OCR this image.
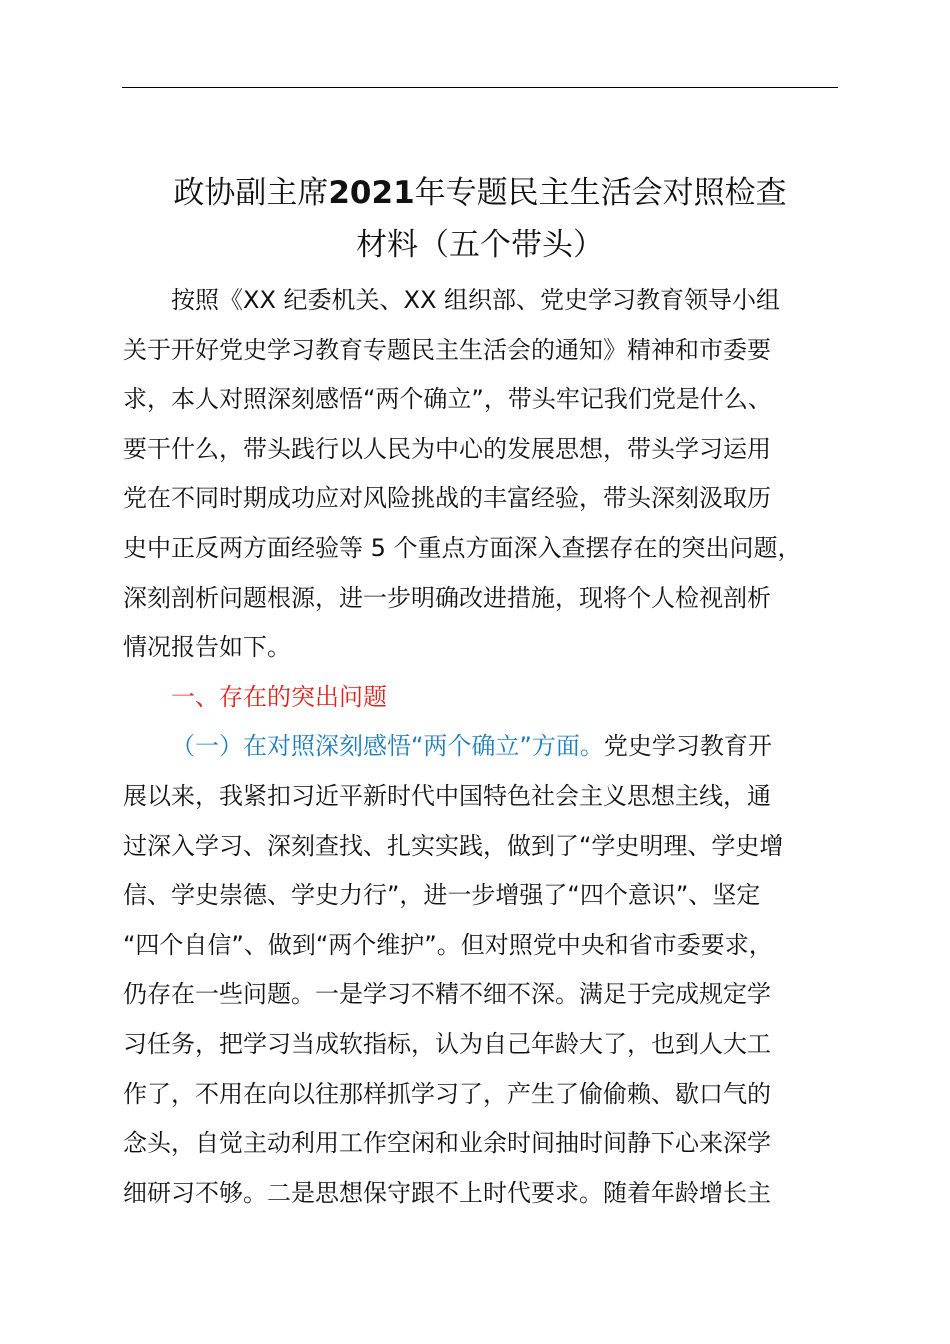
政协副主席2021年专题民主生活会对照检查
材料（五个带头）
按照《XX 纪委机关、XX 组织部、党史学习教育领导小组
关于开好党史学习教育专题民主生活会的通知》精神和市委要
求，本人对照深刻感悟“两个确立”，带头牢记我们党是什么、
要干什么，带头践行以人民为中心的发展思想，带头学习运用
党在不同时期成功应对风险挑战的丰富经验，带头深刻汲取历
史中正反两方面经验等 5 个重点方面深入查摆存在的突出问题，
深刻剖析问题根源，进一步明确改进措施，现将个人检视剖析
情况报告如下。
一、存在的突出问题
（一）在对照深刻感悟“两个确立”方面。党史学习教育开
展以来，我紧扣习近平新时代中国特色社会主义思想主线，通
过深入学习、深刻查找、扎实实践，做到了“学史明理、学史增
信、学史崇德、学史力行”，进一步增强了“四个意识”、坚定
“四个自信”、做到“两个维护”。但对照党中央和省市委要求，
仍存在一些问题。一是学习不精不细不深。满足于完成规定学
习任务，把学习当成软指标，认为自己年龄大了，也到人大工
作了，不用在向以往那样抓学习了，产生了偷偷赖、歇口气的
念头，自觉主动利用工作空闲和业余时间抽时间静下心来深学
细研习不够。二是思想保守跟不上时代要求。随着年龄增长主
